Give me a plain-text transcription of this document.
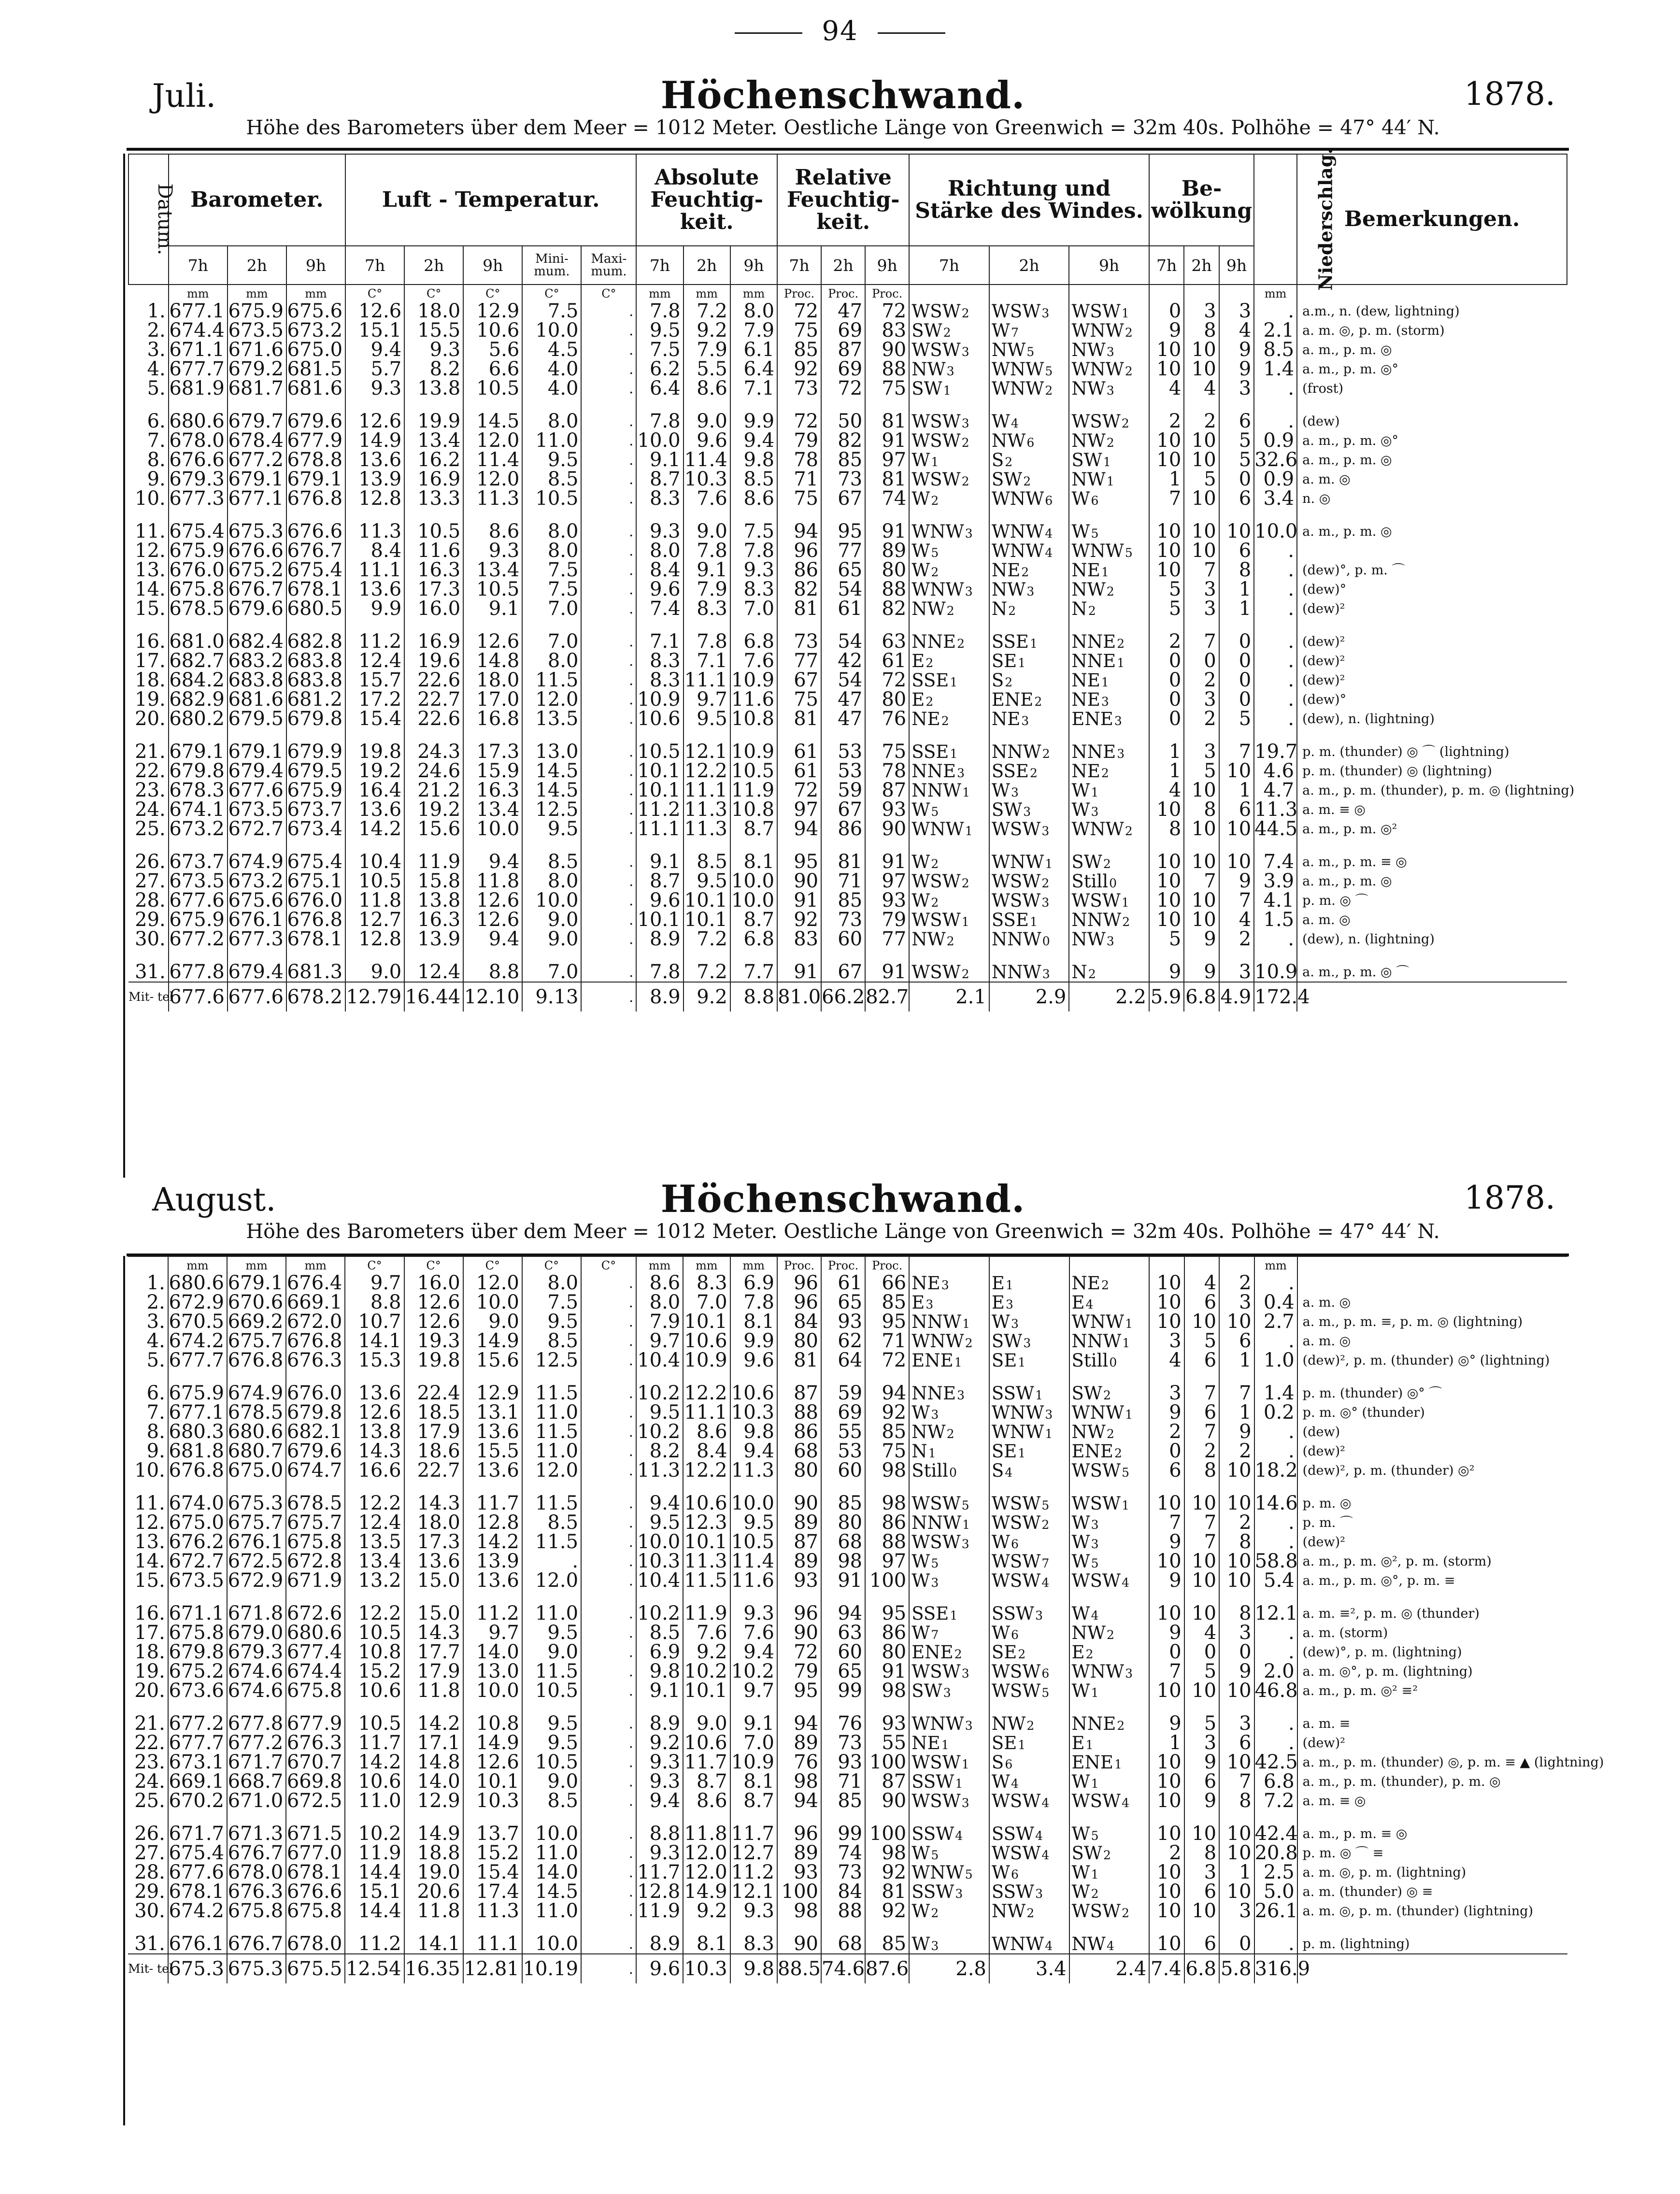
94
Juli.	Höchenschwand.	1878.
Höhe des Barometers über dem Meer = 1012 Meter. Oestliche Länge von Greenwich = 32m 40s. Polhöhe = 47° 44′ N.
Datum.	Barometer.			Luft - Temperatur.					Absolute Feuchtig- keit.			Relative Feuchtig- keit.			Richtung und Stärke des Windes.			Be- wölkung			Niederschlag.	Bemerkungen.
	7h	2h	9h	7h	2h	9h	Mini- mum.	Maxi- mum.	7h	2h	9h	7h	2h	9h	7h	2h	9h	7h	2h	9h		
	mm	mm	mm	C°	C°	C°	C°	C°	mm	mm	mm	Proc.	Proc.	Proc.							mm	
1.	677.1	675.9	675.6	12.6	18.0	12.9	7.5	.	7.8	7.2	8.0	72	47	72	WSW2	WSW3	WSW1	0	3	3	.	a.m., n. (dew, lightning)
2.	674.4	673.5	673.2	15.1	15.5	10.6	10.0	.	9.5	9.2	7.9	75	69	83	SW2	W7	WNW2	9	8	4	2.1	a. m. ◎, p. m. (storm)
3.	671.1	671.6	675.0	9.4	9.3	5.6	4.5	.	7.5	7.9	6.1	85	87	90	WSW3	NW5	NW3	10	10	9	8.5	a. m., p. m. ◎
4.	677.7	679.2	681.5	5.7	8.2	6.6	4.0	.	6.2	5.5	6.4	92	69	88	NW3	WNW5	WNW2	10	10	9	1.4	a. m., p. m. ◎°
5.	681.9	681.7	681.6	9.3	13.8	10.5	4.0	.	6.4	8.6	7.1	73	72	75	SW1	WNW2	NW3	4	4	3	.	(frost)
6.	680.6	679.7	679.6	12.6	19.9	14.5	8.0	.	7.8	9.0	9.9	72	50	81	WSW3	W4	WSW2	2	2	6	.	(dew)
7.	678.0	678.4	677.9	14.9	13.4	12.0	11.0	.	10.0	9.6	9.4	79	82	91	WSW2	NW6	NW2	10	10	5	0.9	a. m., p. m. ◎°
8.	676.6	677.2	678.8	13.6	16.2	11.4	9.5	.	9.1	11.4	9.8	78	85	97	W1	S2	SW1	10	10	5	32.6	a. m., p. m. ◎
9.	679.3	679.1	679.1	13.9	16.9	12.0	8.5	.	8.7	10.3	8.5	71	73	81	WSW2	SW2	NW1	1	5	0	0.9	a. m. ◎
10.	677.3	677.1	676.8	12.8	13.3	11.3	10.5	.	8.3	7.6	8.6	75	67	74	W2	WNW6	W6	7	10	6	3.4	n. ◎
11.	675.4	675.3	676.6	11.3	10.5	8.6	8.0	.	9.3	9.0	7.5	94	95	91	WNW3	WNW4	W5	10	10	10	10.0	a. m., p. m. ◎
12.	675.9	676.6	676.7	8.4	11.6	9.3	8.0	.	8.0	7.8	7.8	96	77	89	W5	WNW4	WNW5	10	10	6	.	
13.	676.0	675.2	675.4	11.1	16.3	13.4	7.5	.	8.4	9.1	9.3	86	65	80	W2	NE2	NE1	10	7	8	.	(dew)°, p. m. ⌒
14.	675.8	676.7	678.1	13.6	17.3	10.5	7.5	.	9.6	7.9	8.3	82	54	88	WNW3	NW3	NW2	5	3	1	.	(dew)°
15.	678.5	679.6	680.5	9.9	16.0	9.1	7.0	.	7.4	8.3	7.0	81	61	82	NW2	N2	N2	5	3	1	.	(dew)²
16.	681.0	682.4	682.8	11.2	16.9	12.6	7.0	.	7.1	7.8	6.8	73	54	63	NNE2	SSE1	NNE2	2	7	0	.	(dew)²
17.	682.7	683.2	683.8	12.4	19.6	14.8	8.0	.	8.3	7.1	7.6	77	42	61	E2	SE1	NNE1	0	0	0	.	(dew)²
18.	684.2	683.8	683.8	15.7	22.6	18.0	11.5	.	8.3	11.1	10.9	67	54	72	SSE1	S2	NE1	0	2	0	.	(dew)²
19.	682.9	681.6	681.2	17.2	22.7	17.0	12.0	.	10.9	9.7	11.6	75	47	80	E2	ENE2	NE3	0	3	0	.	(dew)°
20.	680.2	679.5	679.8	15.4	22.6	16.8	13.5	.	10.6	9.5	10.8	81	47	76	NE2	NE3	ENE3	0	2	5	.	(dew), n. (lightning)
21.	679.1	679.1	679.9	19.8	24.3	17.3	13.0	.	10.5	12.1	10.9	61	53	75	SSE1	NNW2	NNE3	1	3	7	19.7	p. m. (thunder) ◎ ⌒ (lightning)
22.	679.8	679.4	679.5	19.2	24.6	15.9	14.5	.	10.1	12.2	10.5	61	53	78	NNE3	SSE2	NE2	1	5	10	4.6	p. m. (thunder) ◎ (lightning)
23.	678.3	677.6	675.9	16.4	21.2	16.3	14.5	.	10.1	11.1	11.9	72	59	87	NNW1	W3	W1	4	10	1	4.7	a. m., p. m. (thunder), p. m. ◎ (lightning)
24.	674.1	673.5	673.7	13.6	19.2	13.4	12.5	.	11.2	11.3	10.8	97	67	93	W5	SW3	W3	10	8	6	11.3	a. m. ≡ ◎
25.	673.2	672.7	673.4	14.2	15.6	10.0	9.5	.	11.1	11.3	8.7	94	86	90	WNW1	WSW3	WNW2	8	10	10	44.5	a. m., p. m. ◎²
26.	673.7	674.9	675.4	10.4	11.9	9.4	8.5	.	9.1	8.5	8.1	95	81	91	W2	WNW1	SW2	10	10	10	7.4	a. m., p. m. ≡ ◎
27.	673.5	673.2	675.1	10.5	15.8	11.8	8.0	.	8.7	9.5	10.0	90	71	97	WSW2	WSW2	Still0	10	7	9	3.9	a. m., p. m. ◎
28.	677.6	675.6	676.0	11.8	13.8	12.6	10.0	.	9.6	10.1	10.0	91	85	93	W2	WSW3	WSW1	10	10	7	4.1	p. m. ◎ ⌒
29.	675.9	676.1	676.8	12.7	16.3	12.6	9.0	.	10.1	10.1	8.7	92	73	79	WSW1	SSE1	NNW2	10	10	4	1.5	a. m. ◎
30.	677.2	677.3	678.1	12.8	13.9	9.4	9.0	.	8.9	7.2	6.8	83	60	77	NW2	NNW0	NW3	5	9	2	.	(dew), n. (lightning)
31.	677.8	679.4	681.3	9.0	12.4	8.8	7.0	.	7.8	7.2	7.7	91	67	91	WSW2	NNW3	N2	9	9	3	10.9	a. m., p. m. ◎ ⌒
Mit- tel	677.6	677.6	678.2	12.79	16.44	12.10	9.13	.	8.9	9.2	8.8	81.0	66.2	82.7	2.1	2.9	2.2	5.9	6.8	4.9	172.4	
August.	Höchenschwand.	1878.
Höhe des Barometers über dem Meer = 1012 Meter. Oestliche Länge von Greenwich = 32m 40s. Polhöhe = 47° 44′ N.
	mm	mm	mm	C°	C°	C°	C°	C°	mm	mm	mm	Proc.	Proc.	Proc.							mm	
1.	680.6	679.1	676.4	9.7	16.0	12.0	8.0	.	8.6	8.3	6.9	96	61	66	NE3	E1	NE2	10	4	2	.	
2.	672.9	670.6	669.1	8.8	12.6	10.0	7.5	.	8.0	7.0	7.8	96	65	85	E3	E3	E4	10	6	3	0.4	a. m. ◎
3.	670.5	669.2	672.0	10.7	12.6	9.0	9.5	.	7.9	10.1	8.1	84	93	95	NNW1	W3	WNW1	10	10	10	2.7	a. m., p. m. ≡, p. m. ◎ (lightning)
4.	674.2	675.7	676.8	14.1	19.3	14.9	8.5	.	9.7	10.6	9.9	80	62	71	WNW2	SW3	NNW1	3	5	6	.	a. m. ◎
5.	677.7	676.8	676.3	15.3	19.8	15.6	12.5	.	10.4	10.9	9.6	81	64	72	ENE1	SE1	Still0	4	6	1	1.0	(dew)², p. m. (thunder) ◎° (lightning)
6.	675.9	674.9	676.0	13.6	22.4	12.9	11.5	.	10.2	12.2	10.6	87	59	94	NNE3	SSW1	SW2	3	7	7	1.4	p. m. (thunder) ◎° ⌒
7.	677.1	678.5	679.8	12.6	18.5	13.1	11.0	.	9.5	11.1	10.3	88	69	92	W3	WNW3	WNW1	9	6	1	0.2	p. m. ◎° (thunder)
8.	680.3	680.6	682.1	13.8	17.9	13.6	11.5	.	10.2	8.6	9.8	86	55	85	NW2	WNW1	NW2	2	7	9	.	(dew)
9.	681.8	680.7	679.6	14.3	18.6	15.5	11.0	.	8.2	8.4	9.4	68	53	75	N1	SE1	ENE2	0	2	2	.	(dew)²
10.	676.8	675.0	674.7	16.6	22.7	13.6	12.0	.	11.3	12.2	11.3	80	60	98	Still0	S4	WSW5	6	8	10	18.2	(dew)², p. m. (thunder) ◎²
11.	674.0	675.3	678.5	12.2	14.3	11.7	11.5	.	9.4	10.6	10.0	90	85	98	WSW5	WSW5	WSW1	10	10	10	14.6	p. m. ◎
12.	675.0	675.7	675.7	12.4	18.0	12.8	8.5	.	9.5	12.3	9.5	89	80	86	NNW1	WSW2	W3	7	7	2	.	p. m. ⌒
13.	676.2	676.1	675.8	13.5	17.3	14.2	11.5	.	10.0	10.1	10.5	87	68	88	WSW3	W6	W3	9	7	8	.	(dew)²
14.	672.7	672.5	672.8	13.4	13.6	13.9	.	.	10.3	11.3	11.4	89	98	97	W5	WSW7	W5	10	10	10	58.8	a. m., p. m. ◎², p. m. (storm)
15.	673.5	672.9	671.9	13.2	15.0	13.6	12.0	.	10.4	11.5	11.6	93	91	100	W3	WSW4	WSW4	9	10	10	5.4	a. m., p. m. ◎°, p. m. ≡
16.	671.1	671.8	672.6	12.2	15.0	11.2	11.0	.	10.2	11.9	9.3	96	94	95	SSE1	SSW3	W4	10	10	8	12.1	a. m. ≡², p. m. ◎ (thunder)
17.	675.8	679.0	680.6	10.5	14.3	9.7	9.5	.	8.5	7.6	7.6	90	63	86	W7	W6	NW2	9	4	3	.	a. m. (storm)
18.	679.8	679.3	677.4	10.8	17.7	14.0	9.0	.	6.9	9.2	9.4	72	60	80	ENE2	SE2	E2	0	0	0	.	(dew)°, p. m. (lightning)
19.	675.2	674.6	674.4	15.2	17.9	13.0	11.5	.	9.8	10.2	10.2	79	65	91	WSW3	WSW6	WNW3	7	5	9	2.0	a. m. ◎°, p. m. (lightning)
20.	673.6	674.6	675.8	10.6	11.8	10.0	10.5	.	9.1	10.1	9.7	95	99	98	SW3	WSW5	W1	10	10	10	46.8	a. m., p. m. ◎² ≡²
21.	677.2	677.8	677.9	10.5	14.2	10.8	9.5	.	8.9	9.0	9.1	94	76	93	WNW3	NW2	NNE2	9	5	3	.	a. m. ≡
22.	677.7	677.2	676.3	11.7	17.1	14.9	9.5	.	9.2	10.6	7.0	89	73	55	NE1	SE1	E1	1	3	6	.	(dew)²
23.	673.1	671.7	670.7	14.2	14.8	12.6	10.5	.	9.3	11.7	10.9	76	93	100	WSW1	S6	ENE1	10	9	10	42.5	a. m., p. m. (thunder) ◎, p. m. ≡ ▲ (lightning)
24.	669.1	668.7	669.8	10.6	14.0	10.1	9.0	.	9.3	8.7	8.1	98	71	87	SSW1	W4	W1	10	6	7	6.8	a. m., p. m. (thunder), p. m. ◎
25.	670.2	671.0	672.5	11.0	12.9	10.3	8.5	.	9.4	8.6	8.7	94	85	90	WSW3	WSW4	WSW4	10	9	8	7.2	a. m. ≡ ◎
26.	671.7	671.3	671.5	10.2	14.9	13.7	10.0	.	8.8	11.8	11.7	96	99	100	SSW4	SSW4	W5	10	10	10	42.4	a. m., p. m. ≡ ◎
27.	675.4	676.7	677.0	11.9	18.8	15.2	11.0	.	9.3	12.0	12.7	89	74	98	W5	WSW4	SW2	2	8	10	20.8	p. m. ◎ ⌒ ≡
28.	677.6	678.0	678.1	14.4	19.0	15.4	14.0	.	11.7	12.0	11.2	93	73	92	WNW5	W6	W1	10	3	1	2.5	a. m. ◎, p. m. (lightning)
29.	678.1	676.3	676.6	15.1	20.6	17.4	14.5	.	12.8	14.9	12.1	100	84	81	SSW3	SSW3	W2	10	6	10	5.0	a. m. (thunder) ◎ ≡
30.	674.2	675.8	675.8	14.4	11.8	11.3	11.0	.	11.9	9.2	9.3	98	88	92	W2	NW2	WSW2	10	10	3	26.1	a. m. ◎, p. m. (thunder) (lightning)
31.	676.1	676.7	678.0	11.2	14.1	11.1	10.0	.	8.9	8.1	8.3	90	68	85	W3	WNW4	NW4	10	6	0	.	p. m. (lightning)
Mit- tel	675.3	675.3	675.5	12.54	16.35	12.81	10.19	.	9.6	10.3	9.8	88.5	74.6	87.6	2.8	3.4	2.4	7.4	6.8	5.8	316.9	
